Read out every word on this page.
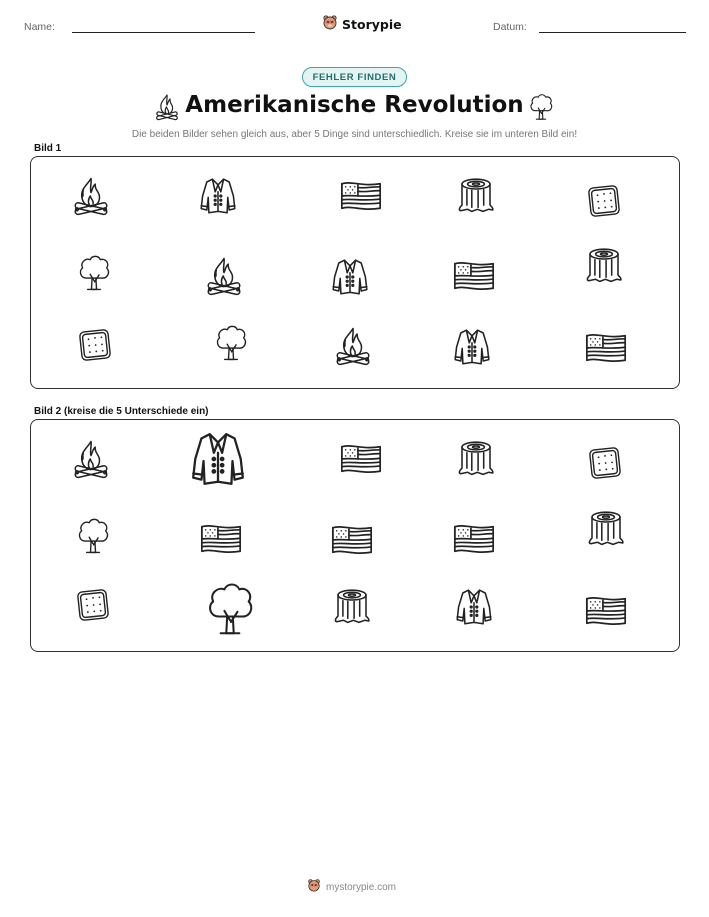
Name:	Storypie	Datum:
FEHLER FINDEN
Amerikanische Revolution
Die beiden Bilder sehen gleich aus, aber 5 Dinge sind unterschiedlich. Kreise sie im unteren Bild ein!
Bild 1
Bild 2 (kreise die 5 Unterschiede ein)
mystorypie.com
